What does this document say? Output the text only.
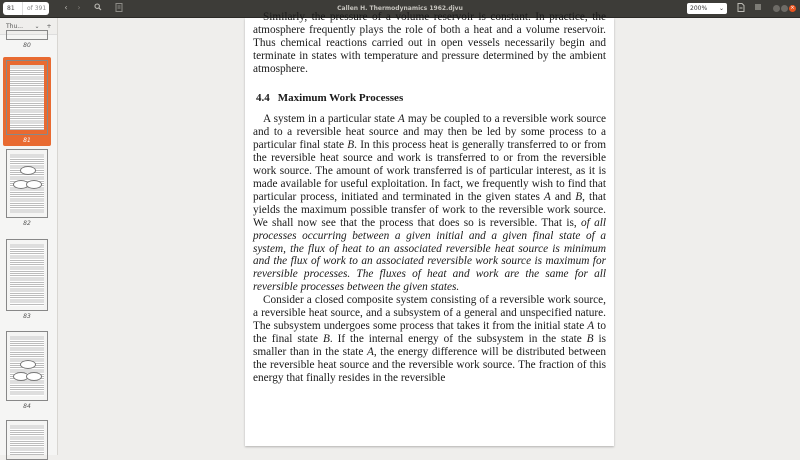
81	of 391	‹	›	Callen H. Thermodynamics 1962.djvu	200% ⌄	×
Thu...	⌄	+
80
81
82
83
84

Similarly, the pressure of a volume reservoir is constant. In practice, the atmosphere frequently plays the role of both a heat and a volume reservoir. Thus chemical reactions carried out in open vessels necessarily begin and terminate in states with temperature and pressure determined by the ambient atmosphere.

4.4 Maximum Work Processes

A system in a particular state A may be coupled to a reversible work source and to a reversible heat source and may then be led by some process to a particular final state B. In this process heat is generally transferred to or from the reversible heat source and work is transferred to or from the reversible work source. The amount of work transferred is of particular interest, as it is made available for useful exploitation. In fact, we frequently wish to find that particular process, initiated and terminated in the given states A and B, that yields the maximum possible transfer of work to the reversible work source. We shall now see that the process that does so is reversible. That is, of all processes occurring between a given initial and a given final state of a system, the flux of heat to an associated reversible heat source is minimum and the flux of work to an associated reversible work source is maximum for reversible processes. The fluxes of heat and work are the same for all reversible processes between the given states.

Consider a closed composite system consisting of a reversible work source, a reversible heat source, and a subsystem of a general and unspecified nature. The subsystem undergoes some process that takes it from the initial state A to the final state B. If the internal energy of the subsystem in the state B is smaller than in the state A, the energy difference will be distributed between the reversible heat source and the reversible work source. The fraction of this energy that finally resides in the reversible
